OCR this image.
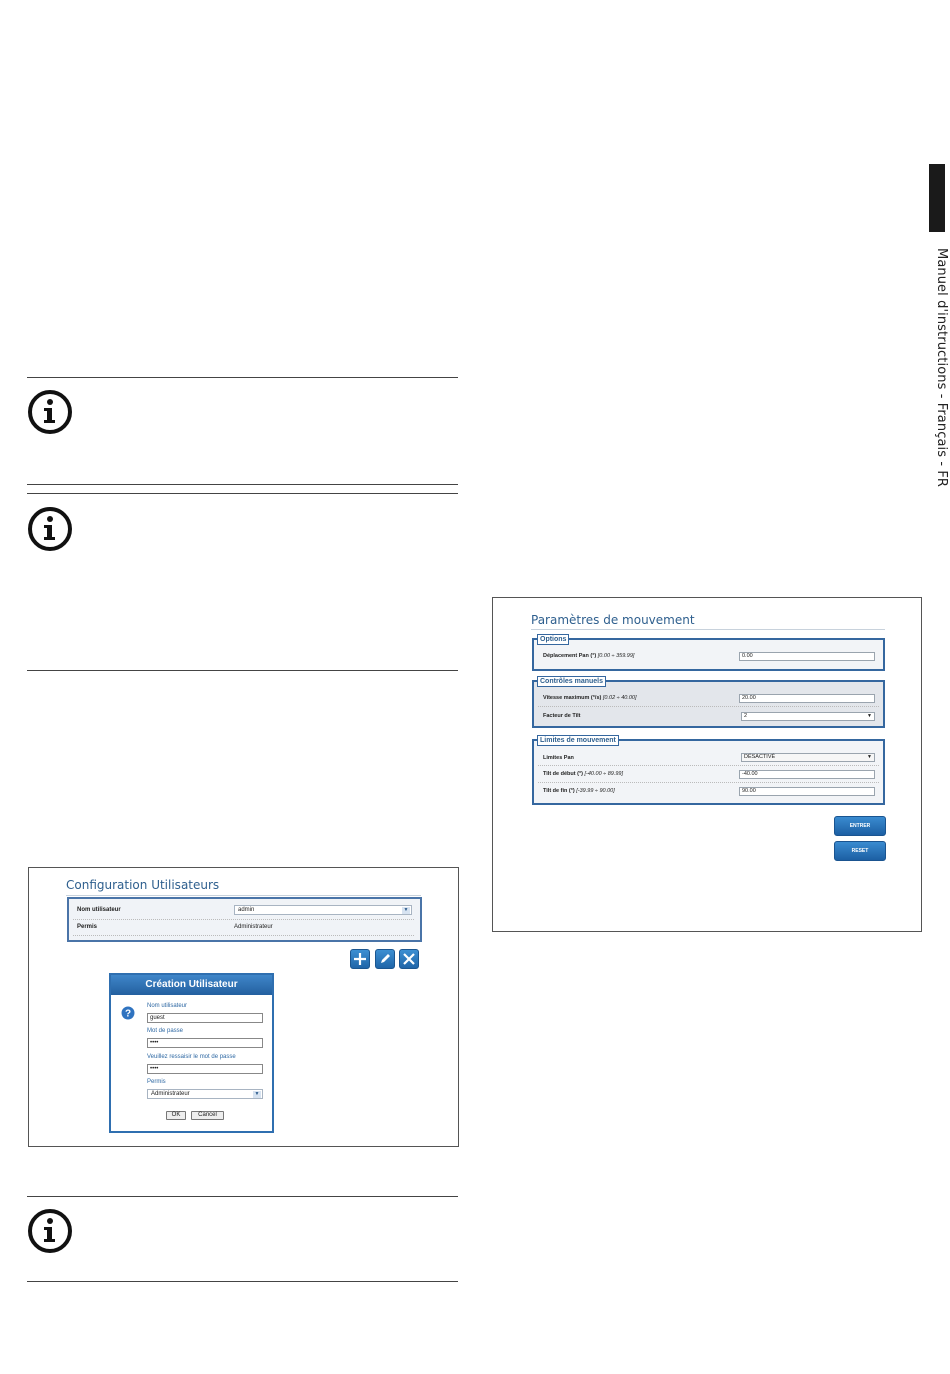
Manuel d'instructions - Français - FR
Configuration Utilisateurs
Nom utilisateur	admin	▼
Permis	Administrateur
Création Utilisateur
?
Nom utilisateur
guest
Mot de passe
••••
Veuillez ressaisir le mot de passe
••••
Permis
Administrateur	▼
OK	Cancel
Paramètres de mouvement
Options
Déplacement Pan (°) [0.00 ÷ 359.99]	0.00
Contrôles manuels
Vitesse maximum (°/s) [0.02 ÷ 40.00]	20.00
Facteur de Tilt	2	▼
Limites de mouvement
Limites Pan	DÉSACTIVÉ	▼
Tilt de début (°) [-40.00 ÷ 89.99]	-40.00
Tilt de fin (°) [-39.99 ÷ 90.00]	90.00
ENTRER
RESET
